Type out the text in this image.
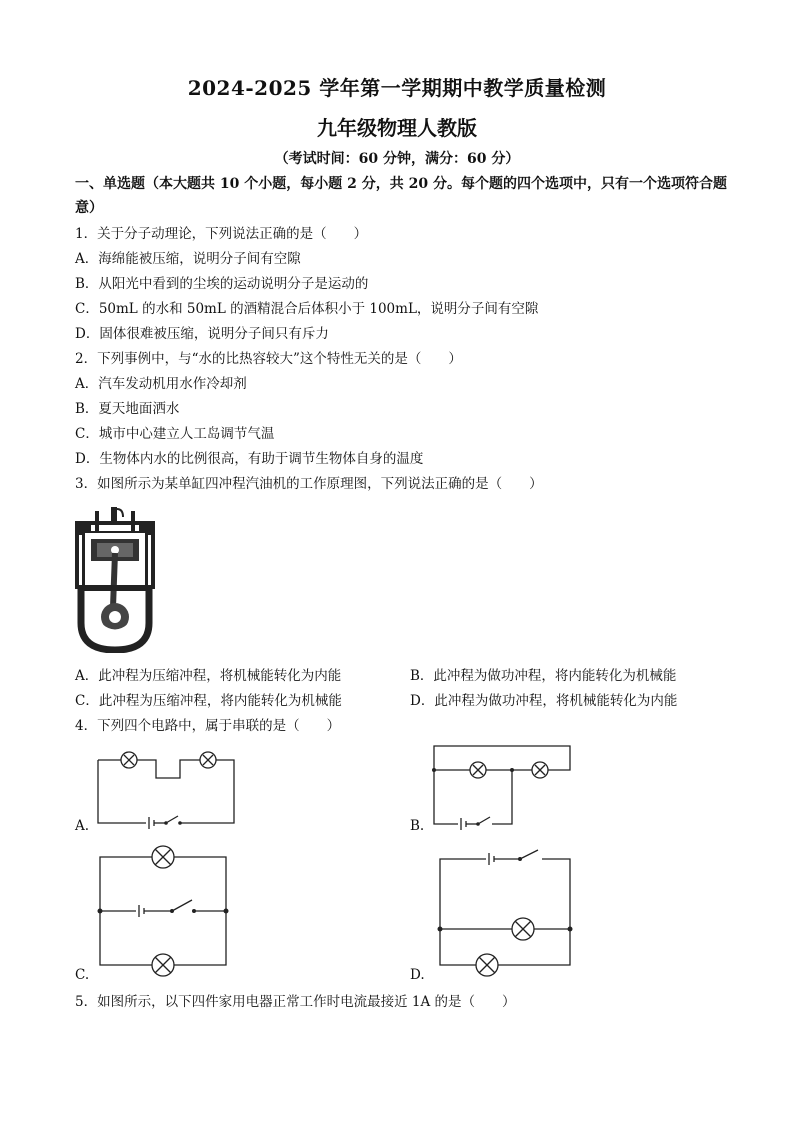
2024-2025 学年第一学期期中教学质量检测
九年级物理人教版
（考试时间：60 分钟，满分：60 分）
一、单选题（本大题共 10 个小题，每小题 2 分，共 20 分。每个题的四个选项中，只有一个选项符合题意）
1．关于分子动理论，下列说法正确的是（　　）
A．海绵能被压缩，说明分子间有空隙
B．从阳光中看到的尘埃的运动说明分子是运动的
C．50mL 的水和 50mL 的酒精混合后体积小于 100mL，说明分子间有空隙
D．固体很难被压缩，说明分子间只有斥力
2．下列事例中，与“水的比热容较大”这个特性无关的是（　　）
A．汽车发动机用水作冷却剂
B．夏天地面洒水
C．城市中心建立人工岛调节气温
D．生物体内水的比例很高，有助于调节生物体自身的温度
3．如图所示为某单缸四冲程汽油机的工作原理图，下列说法正确的是（　　）
A．此冲程为压缩冲程，将机械能转化为内能	B．此冲程为做功冲程，将内能转化为机械能
C．此冲程为压缩冲程，将内能转化为机械能	D．此冲程为做功冲程，将机械能转化为内能
4．下列四个电路中，属于串联的是（　　）
A.	B.
C.	D.
5．如图所示，以下四件家用电器正常工作时电流最接近 1A 的是（　　）
